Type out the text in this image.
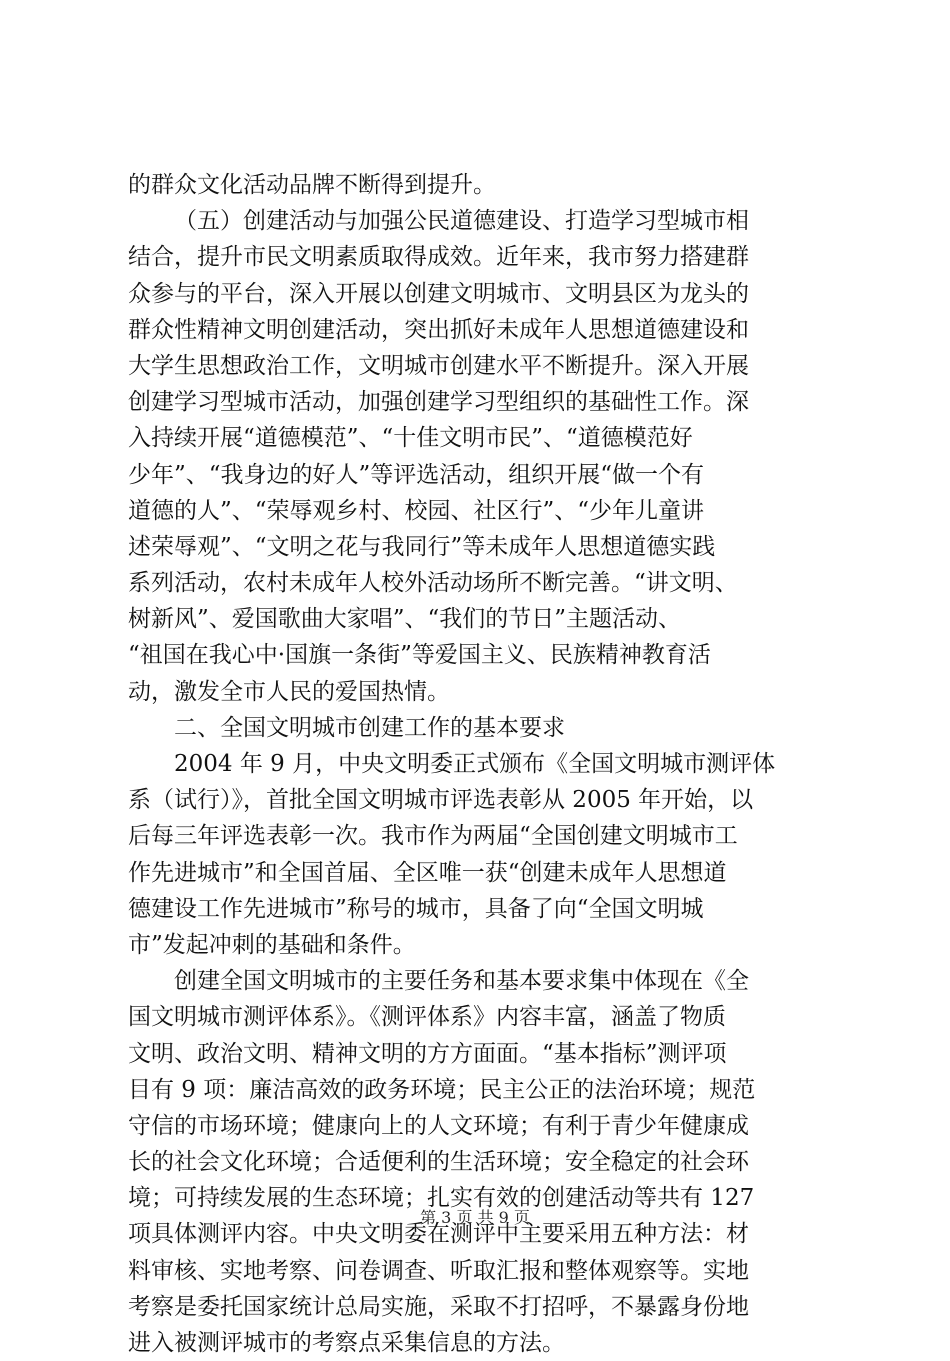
的群众文化活动品牌不断得到提升。
（五）创建活动与加强公民道德建设、打造学习型城市相
结合，提升市民文明素质取得成效。近年来，我市努力搭建群
众参与的平台，深入开展以创建文明城市、文明县区为龙头的
群众性精神文明创建活动，突出抓好未成年人思想道德建设和
大学生思想政治工作，文明城市创建水平不断提升。深入开展
创建学习型城市活动，加强创建学习型组织的基础性工作。深
入持续开展“道德模范”、“十佳文明市民”、“道德模范好
少年”、“我身边的好人”等评选活动，组织开展“做一个有
道德的人”、“荣辱观乡村、校园、社区行”、“少年儿童讲
述荣辱观”、“文明之花与我同行”等未成年人思想道德实践
系列活动，农村未成年人校外活动场所不断完善。“讲文明、
树新风”、爱国歌曲大家唱”、“我们的节日”主题活动、
“祖国在我心中·国旗一条街”等爱国主义、民族精神教育活
动，激发全市人民的爱国热情。
二、全国文明城市创建工作的基本要求
2004 年 9 月，中央文明委正式颁布《全国文明城市测评体
系（试行）》，首批全国文明城市评选表彰从 2005 年开始，以
后每三年评选表彰一次。我市作为两届“全国创建文明城市工
作先进城市”和全国首届、全区唯一获“创建未成年人思想道
德建设工作先进城市”称号的城市，具备了向“全国文明城
市”发起冲刺的基础和条件。
创建全国文明城市的主要任务和基本要求集中体现在《全
国文明城市测评体系》。《测评体系》内容丰富，涵盖了物质
文明、政治文明、精神文明的方方面面。“基本指标”测评项
目有 9 项：廉洁高效的政务环境；民主公正的法治环境；规范
守信的市场环境；健康向上的人文环境；有利于青少年健康成
长的社会文化环境；合适便利的生活环境；安全稳定的社会环
境；可持续发展的生态环境；扎实有效的创建活动等共有 127
项具体测评内容。中央文明委在测评中主要采用五种方法：材
料审核、实地考察、问卷调查、听取汇报和整体观察等。实地
考察是委托国家统计总局实施，采取不打招呼，不暴露身份地
进入被测评城市的考察点采集信息的方法。
第 3 页 共 9 页
